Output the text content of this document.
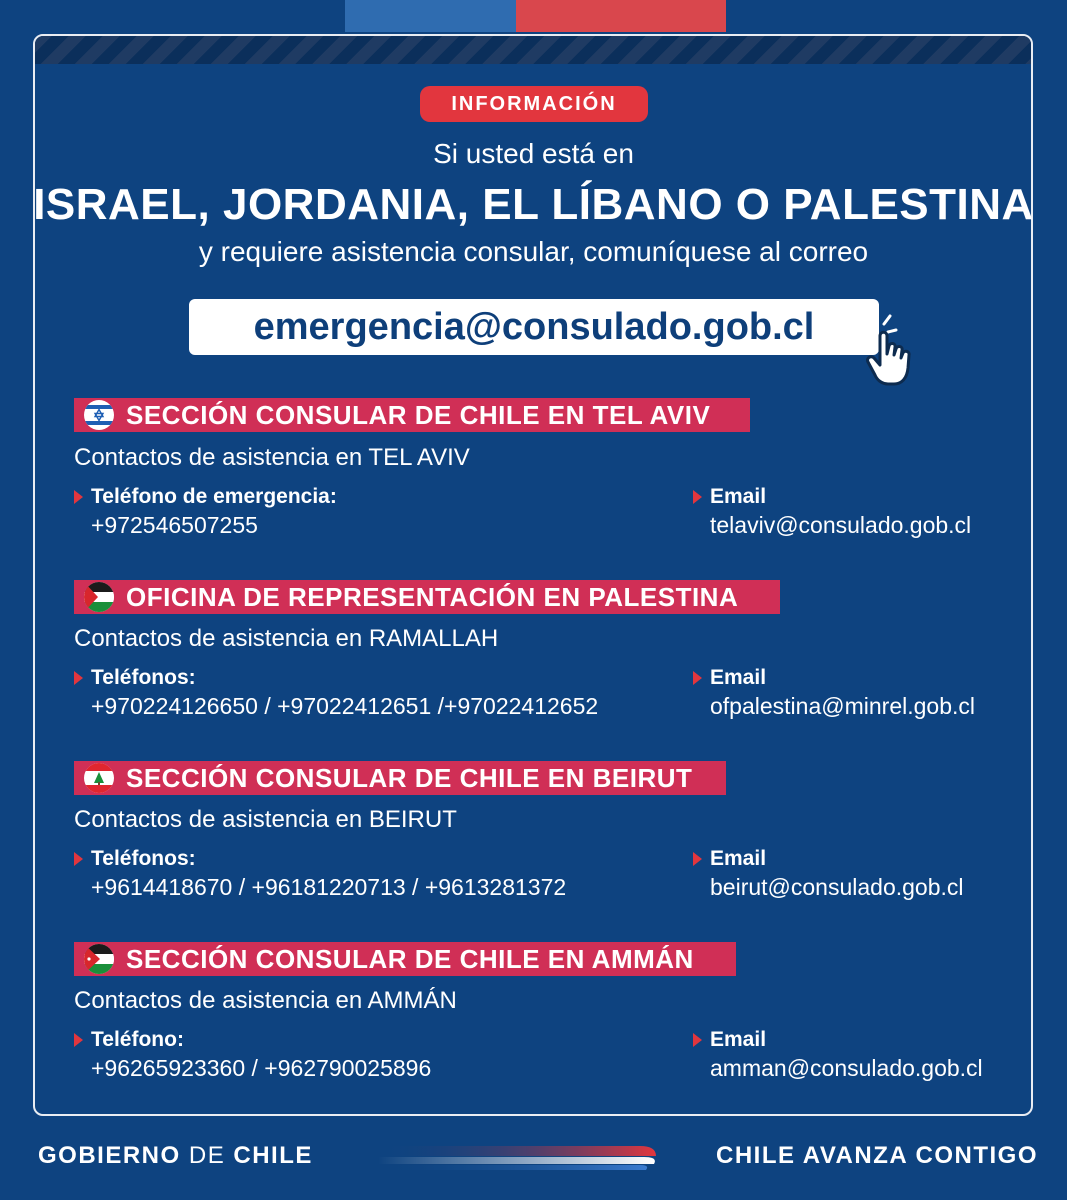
INFORMACIÓN
Si usted está en
ISRAEL, JORDANIA, EL LÍBANO O PALESTINA
y requiere asistencia consular, comuníquese al correo
emergencia@consulado.gob.cl
SECCIÓN CONSULAR DE CHILE EN TEL AVIV
Contactos de asistencia en TEL AVIV
Teléfono de emergencia:
+972546507255
Email
telaviv@consulado.gob.cl
OFICINA DE REPRESENTACIÓN EN PALESTINA
Contactos de asistencia en RAMALLAH
Teléfonos:
+970224126650 / +97022412651 /+97022412652
Email
ofpalestina@minrel.gob.cl
SECCIÓN CONSULAR DE CHILE EN BEIRUT
Contactos de asistencia en BEIRUT
Teléfonos:
+9614418670 / +96181220713 / +9613281372
Email
beirut@consulado.gob.cl
SECCIÓN CONSULAR DE CHILE EN AMMÁN
Contactos de asistencia en AMMÁN
Teléfono:
+96265923360 / +962790025896
Email
amman@consulado.gob.cl
GOBIERNO DE CHILE	CHILE AVANZA CONTIGO
